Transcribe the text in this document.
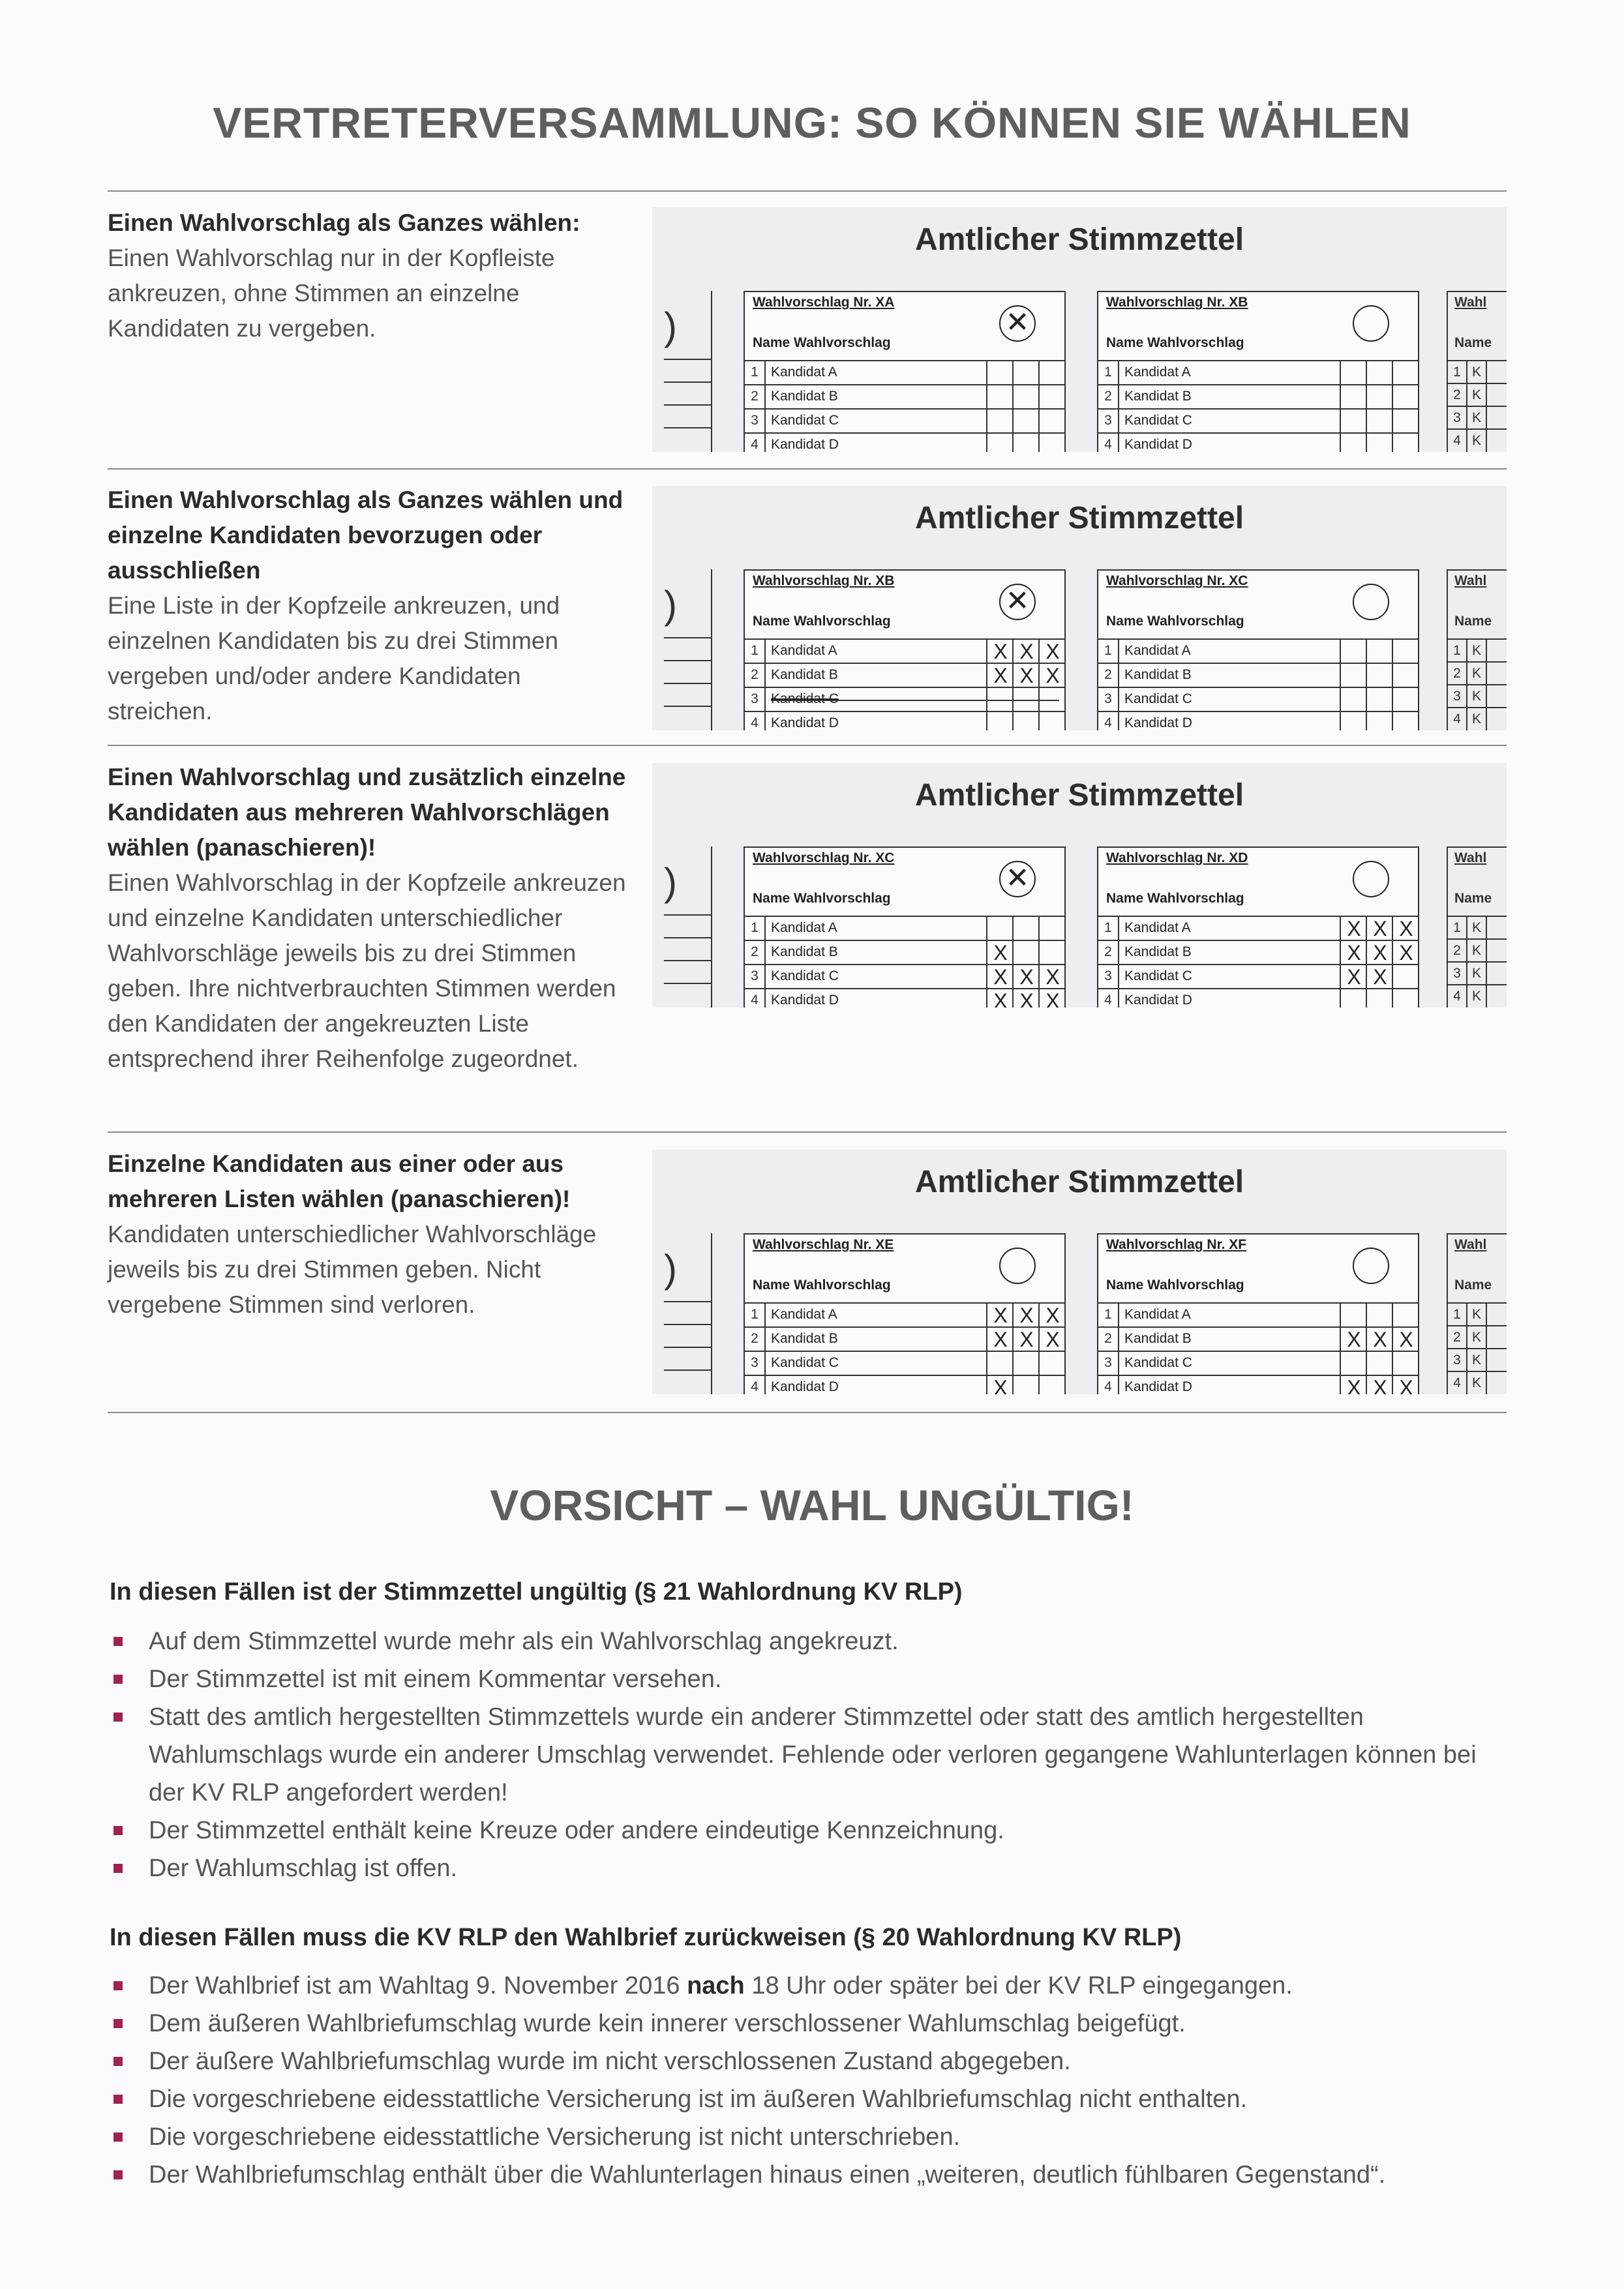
VERTRETERVERSAMMLUNG: SO KÖNNEN SIE WÄHLEN
Einen Wahlvorschlag als Ganzes wählen:
Einen Wahlvorschlag nur in der Kopfleiste ankreuzen, ohne Stimmen an einzelne Kandidaten zu vergeben.
Amtlicher Stimmzettel
)
Wahlvorschlag Nr. XA
Name Wahlvorschlag
✕
1 Kandidat A
2 Kandidat B
3 Kandidat C
4 Kandidat D
Wahlvorschlag Nr. XB
Name Wahlvorschlag
1 Kandidat A
2 Kandidat B
3 Kandidat C
4 Kandidat D
Wahl
Name
1 K
2 K
3 K
4 K
Einen Wahlvorschlag als Ganzes wählen und einzelne Kandidaten bevorzugen oder ausschließen
Eine Liste in der Kopfzeile ankreuzen, und einzelnen Kandidaten bis zu drei Stimmen vergeben und/oder andere Kandidaten streichen.
Amtlicher Stimmzettel
)
Wahlvorschlag Nr. XB
Name Wahlvorschlag
✕
1 Kandidat A	X X X
2 Kandidat B	X X X
3 Kandidat C
4 Kandidat D
Wahlvorschlag Nr. XC
Name Wahlvorschlag
1 Kandidat A
2 Kandidat B
3 Kandidat C
4 Kandidat D
Wahl
Name
1 K
2 K
3 K
4 K
Einen Wahlvorschlag und zusätzlich einzelne Kandidaten aus mehreren Wahlvorschlägen wählen (panaschieren)!
Einen Wahlvorschlag in der Kopfzeile ankreuzen und einzelne Kandidaten unterschiedlicher Wahlvorschläge jeweils bis zu drei Stimmen geben. Ihre nichtverbrauchten Stimmen werden den Kandidaten der angekreuzten Liste entsprechend ihrer Reihenfolge zugeordnet.
Amtlicher Stimmzettel
)
Wahlvorschlag Nr. XC
Name Wahlvorschlag
✕
1 Kandidat A
2 Kandidat B	X
3 Kandidat C	X X X
4 Kandidat D	X X X
Wahlvorschlag Nr. XD
Name Wahlvorschlag
1 Kandidat A	X X X
2 Kandidat B	X X X
3 Kandidat C	X X
4 Kandidat D
Wahl
Name
1 K
2 K
3 K
4 K
Einzelne Kandidaten aus einer oder aus mehreren Listen wählen (panaschieren)!
Kandidaten unterschiedlicher Wahlvorschläge jeweils bis zu drei Stimmen geben. Nicht vergebene Stimmen sind verloren.
Amtlicher Stimmzettel
)
Wahlvorschlag Nr. XE
Name Wahlvorschlag
1 Kandidat A	X X X
2 Kandidat B	X X X
3 Kandidat C
4 Kandidat D	X
Wahlvorschlag Nr. XF
Name Wahlvorschlag
1 Kandidat A
2 Kandidat B	X X X
3 Kandidat C
4 Kandidat D	X X X
Wahl
Name
1 K
2 K
3 K
4 K
VORSICHT – WAHL UNGÜLTIG!
In diesen Fällen ist der Stimmzettel ungültig (§ 21 Wahlordnung KV RLP)
Auf dem Stimmzettel wurde mehr als ein Wahlvorschlag angekreuzt.
Der Stimmzettel ist mit einem Kommentar versehen.
Statt des amtlich hergestellten Stimmzettels wurde ein anderer Stimmzettel oder statt des amtlich hergestellten Wahlumschlags wurde ein anderer Umschlag verwendet. Fehlende oder verloren gegangene Wahlunterlagen können bei der KV RLP angefordert werden!
Der Stimmzettel enthält keine Kreuze oder andere eindeutige Kennzeichnung.
Der Wahlumschlag ist offen.
In diesen Fällen muss die KV RLP den Wahlbrief zurückweisen (§ 20 Wahlordnung KV RLP)
Der Wahlbrief ist am Wahltag 9. November 2016 nach 18 Uhr oder später bei der KV RLP eingegangen.
Dem äußeren Wahlbriefumschlag wurde kein innerer verschlossener Wahlumschlag beigefügt.
Der äußere Wahlbriefumschlag wurde im nicht verschlossenen Zustand abgegeben.
Die vorgeschriebene eidesstattliche Versicherung ist im äußeren Wahlbriefumschlag nicht enthalten.
Die vorgeschriebene eidesstattliche Versicherung ist nicht unterschrieben.
Der Wahlbriefumschlag enthält über die Wahlunterlagen hinaus einen „weiteren, deutlich fühlbaren Gegenstand“.
